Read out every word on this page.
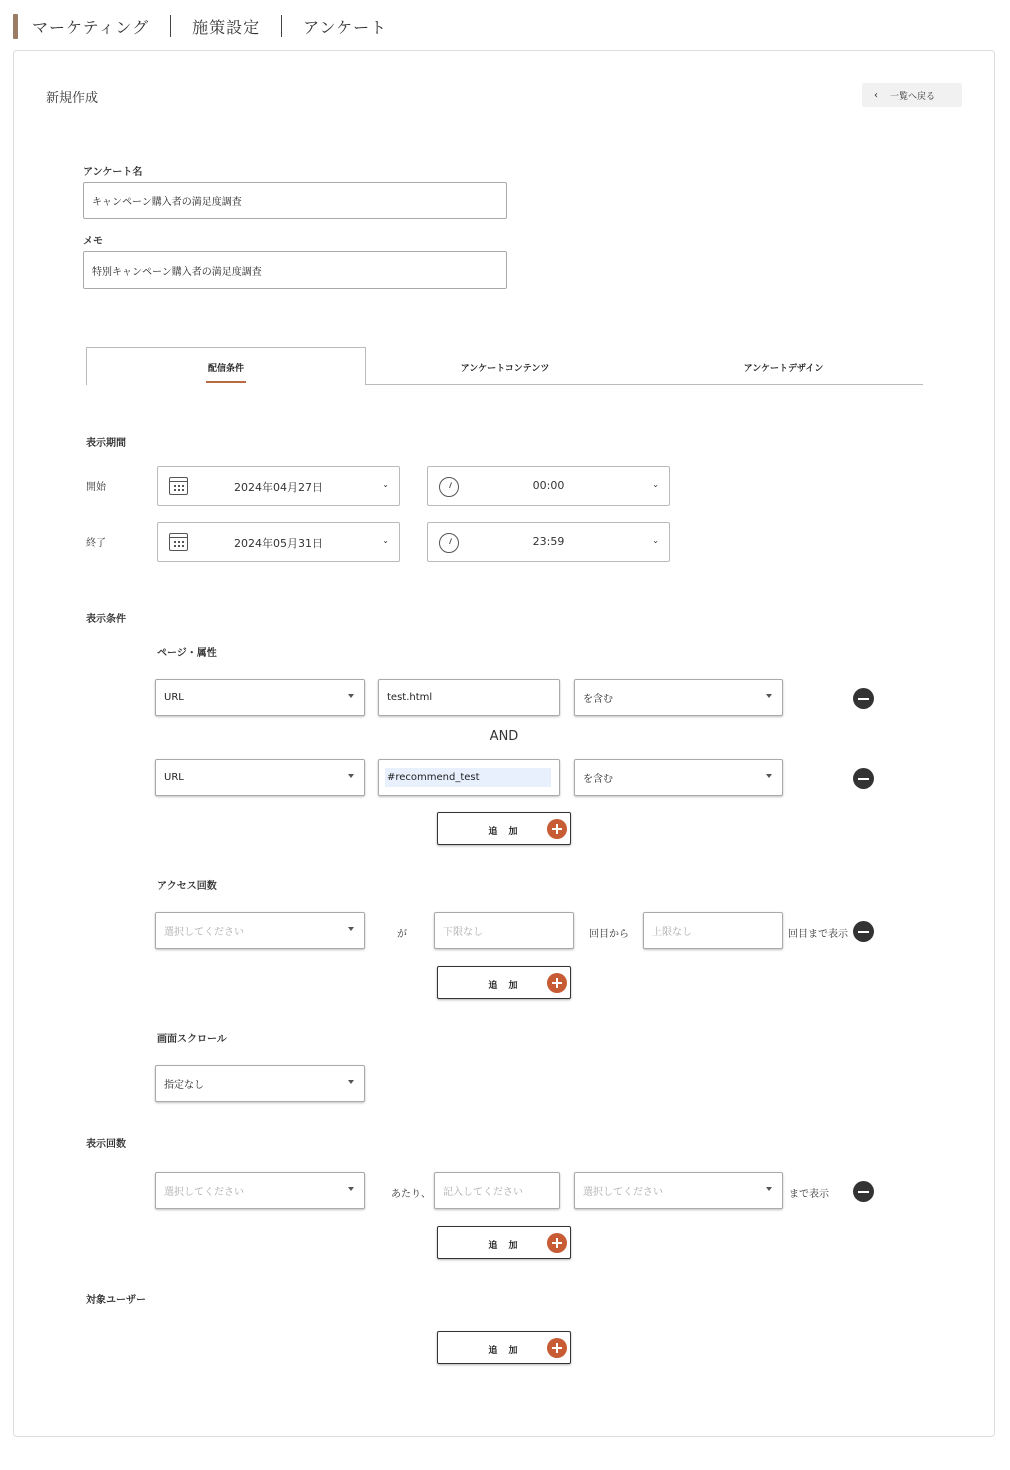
マーケティング	施策設定	アンケート
新規作成	‹ 一覧へ戻る
アンケート名
キャンペーン購入者の満足度調査
メモ
特別キャンペーン購入者の満足度調査
配信条件	アンケートコンテンツ	アンケートデザイン
表示期間
開始	2024年04月27日	⌄	00:00	⌄
終了	2024年05月31日	⌄	23:59	⌄
表示条件
ページ・属性
URL	test.html	を含む
AND
URL	#recommend_test	を含む
追 加
アクセス回数
選択してください	が	下限なし	回目から	上限なし	回目まで表示
追 加
画面スクロール
指定なし
表示回数
選択してください	あたり、	記入してください	選択してください	まで表示
追 加
対象ユーザー
追 加
